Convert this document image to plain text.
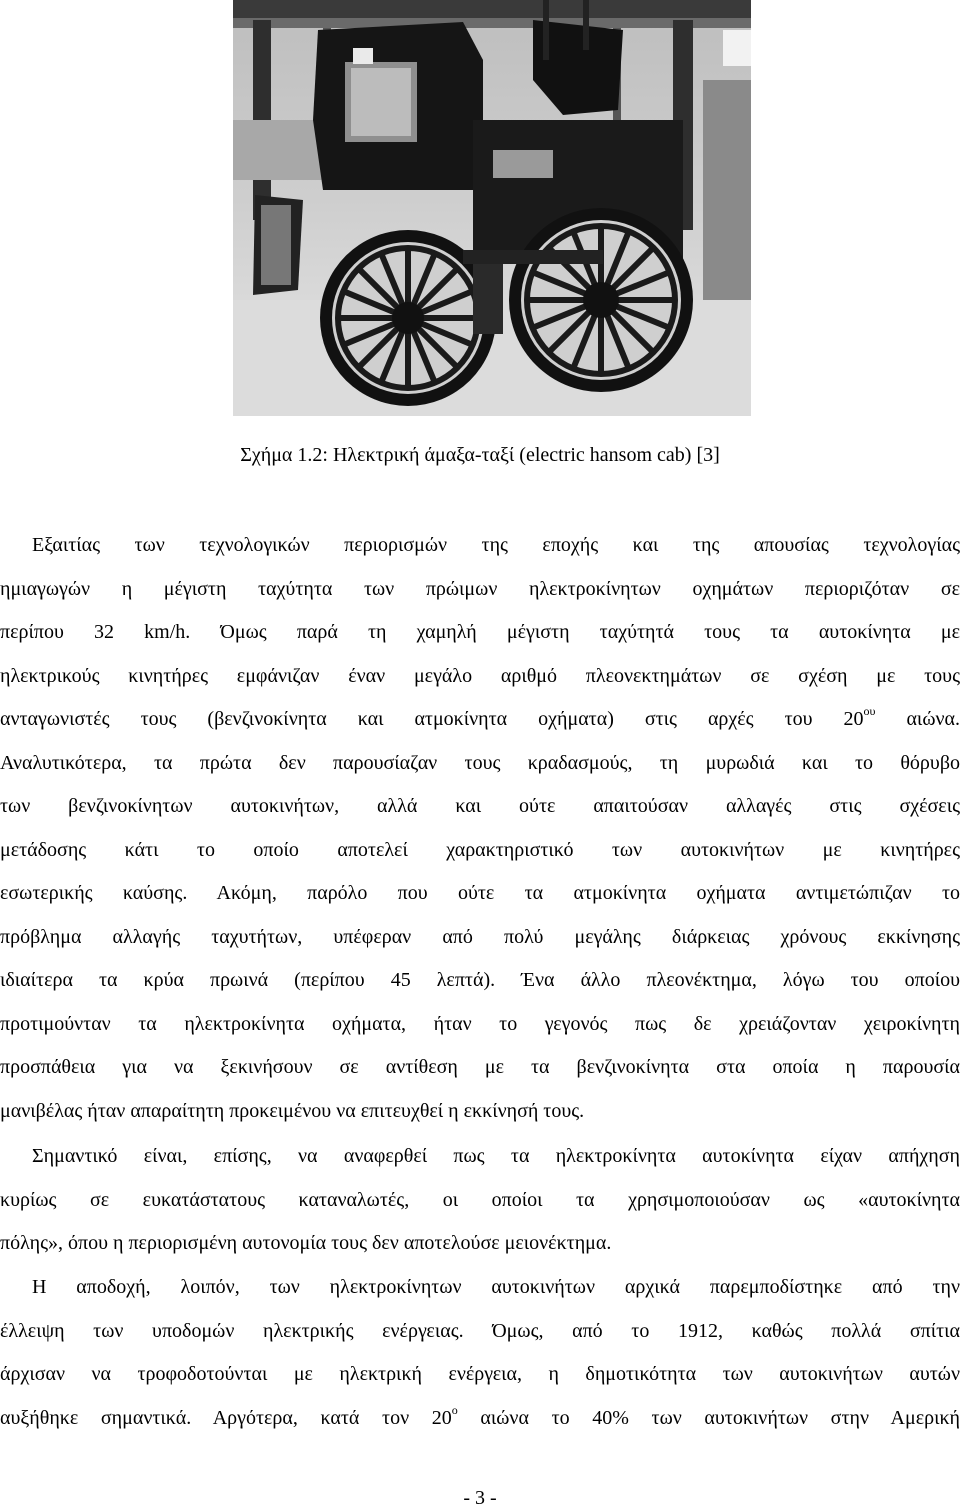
Σχήμα 1.2: Ηλεκτρική άμαξα-ταξί (electric hansom cab) [3]
Εξαιτίας των τεχνολογικών περιορισμών της εποχής και της απουσίας τεχνολογίας
ημιαγωγών η μέγιστη ταχύτητα των πρώιμων ηλεκτροκίνητων οχημάτων περιοριζόταν σε
περίπου 32 km/h. Όμως παρά τη χαμηλή μέγιστη ταχύτητά τους τα αυτοκίνητα με
ηλεκτρικούς κινητήρες εμφάνιζαν έναν μεγάλο αριθμό πλεονεκτημάτων σε σχέση με τους
ανταγωνιστές τους (βενζινοκίνητα και ατμοκίνητα οχήματα) στις αρχές του $20^{o\upsilon}$ αιώνα.
Αναλυτικότερα, τα πρώτα δεν παρουσίαζαν τους κραδασμούς, τη μυρωδιά και το θόρυβο
των βενζινοκίνητων αυτοκινήτων, αλλά και ούτε απαιτούσαν αλλαγές στις σχέσεις
μετάδοσης κάτι το οποίο αποτελεί χαρακτηριστικό των αυτοκινήτων με κινητήρες
εσωτερικής καύσης. Ακόμη, παρόλο που ούτε τα ατμοκίνητα οχήματα αντιμετώπιζαν το
πρόβλημα αλλαγής ταχυτήτων, υπέφεραν από πολύ μεγάλης διάρκειας χρόνους εκκίνησης
ιδιαίτερα τα κρύα πρωινά (περίπου 45 λεπτά). Ένα άλλο πλεονέκτημα, λόγω του οποίου
προτιμούνταν τα ηλεκτροκίνητα οχήματα, ήταν το γεγονός πως δε χρειάζονταν χειροκίνητη
προσπάθεια για να ξεκινήσουν σε αντίθεση με τα βενζινοκίνητα στα οποία η παρουσία
μανιβέλας ήταν απαραίτητη προκειμένου να επιτευχθεί η εκκίνησή τους.
Σημαντικό είναι, επίσης, να αναφερθεί πως τα ηλεκτροκίνητα αυτοκίνητα είχαν απήχηση
κυρίως σε ευκατάστατους καταναλωτές, οι οποίοι τα χρησιμοποιούσαν ως «αυτοκίνητα
πόλης», όπου η περιορισμένη αυτονομία τους δεν αποτελούσε μειονέκτημα.
Η αποδοχή, λοιπόν, των ηλεκτροκίνητων αυτοκινήτων αρχικά παρεμποδίστηκε από την
έλλειψη των υποδομών ηλεκτρικής ενέργειας. Όμως, από το 1912, καθώς πολλά σπίτια
άρχισαν να τροφοδοτούνται με ηλεκτρική ενέργεια, η δημοτικότητα των αυτοκινήτων αυτών
αυξήθηκε σημαντικά. Αργότερα, κατά τον $20^o$ αιώνα το 40% των αυτοκινήτων στην Αμερική
- 3 -
